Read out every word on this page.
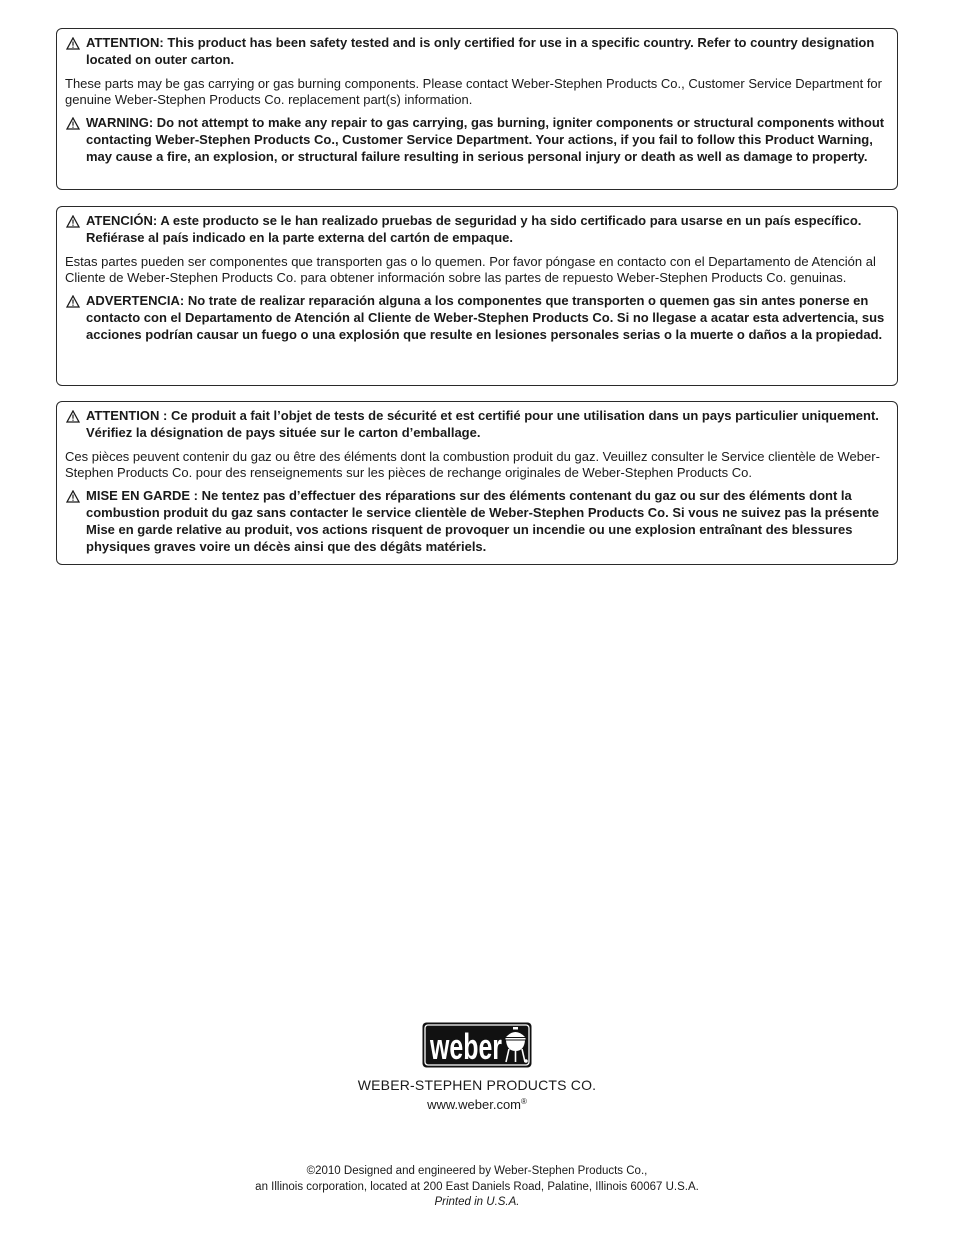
ATTENTION: This product has been safety tested and is only certified for use in a specific country. Refer to country designation located on outer carton.

These parts may be gas carrying or gas burning components. Please contact Weber-Stephen Products Co., Customer Service Department for genuine Weber-Stephen Products Co. replacement part(s) information.

WARNING: Do not attempt to make any repair to gas carrying, gas burning, igniter components or structural components without contacting Weber-Stephen Products Co., Customer Service Department. Your actions, if you fail to follow this Product Warning, may cause a fire, an explosion, or structural failure resulting in serious personal injury or death as well as damage to property.

ATENCIÓN: A este producto se le han realizado pruebas de seguridad y ha sido certificado para usarse en un país específico. Refiérase al país indicado en la parte externa del cartón de empaque.

Estas partes pueden ser componentes que transporten gas o lo quemen. Por favor póngase en contacto con el Departamento de Atención al Cliente de Weber-Stephen Products Co. para obtener información sobre las partes de repuesto Weber-Stephen Products Co. genuinas.

ADVERTENCIA: No trate de realizar reparación alguna a los componentes que transporten o quemen gas sin antes ponerse en contacto con el Departamento de Atención al Cliente de Weber-Stephen Products Co. Si no llegase a acatar esta advertencia, sus acciones podrían causar un fuego o una explosión que resulte en lesiones personales serias o la muerte o daños a la propiedad.

ATTENTION : Ce produit a fait l’objet de tests de sécurité et est certifié pour une utilisation dans un pays particulier uniquement. Vérifiez la désignation de pays située sur le carton d’emballage.

Ces pièces peuvent contenir du gaz ou être des éléments dont la combustion produit du gaz. Veuillez consulter le Service clientèle de Weber-Stephen Products Co. pour des renseignements sur les pièces de rechange originales de Weber-Stephen Products Co.

MISE EN GARDE : Ne tentez pas d’effectuer des réparations sur des éléments contenant du gaz ou sur des éléments dont la combustion produit du gaz sans contacter le service clientèle de Weber-Stephen Products Co. Si vous ne suivez pas la présente Mise en garde relative au produit, vos actions risquent de provoquer un incendie ou une explosion entraînant des blessures physiques graves voire un décès ainsi que des dégâts matériels.

weber
WEBER-STEPHEN PRODUCTS CO.
www.weber.com®
©2010 Designed and engineered by Weber-Stephen Products Co.,
an Illinois corporation, located at 200 East Daniels Road, Palatine, Illinois 60067 U.S.A.
Printed in U.S.A.
